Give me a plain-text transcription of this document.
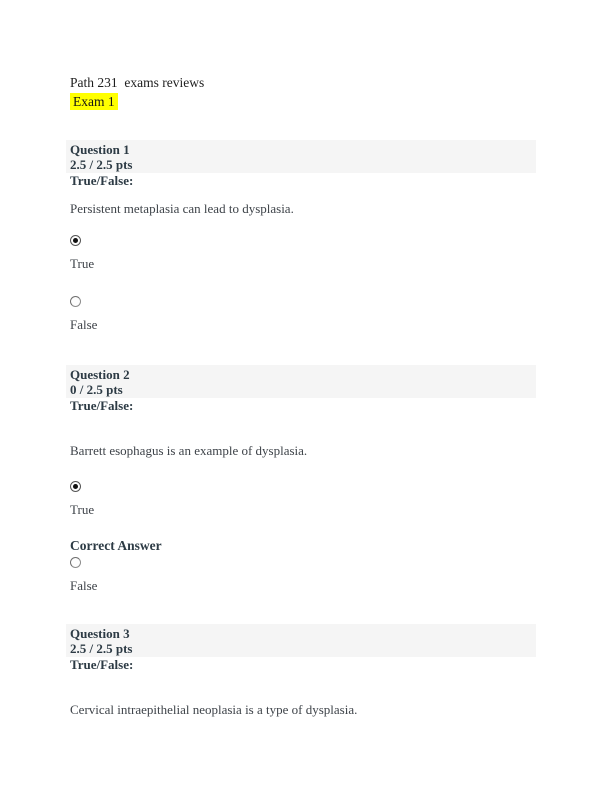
Path 231  exams reviews
Exam 1
Question 1
2.5 / 2.5 pts
True/False:
Persistent metaplasia can lead to dysplasia.
True
False
Question 2
0 / 2.5 pts
True/False:
Barrett esophagus is an example of dysplasia.
True
Correct Answer
False
Question 3
2.5 / 2.5 pts
True/False:
Cervical intraepithelial neoplasia is a type of dysplasia.
